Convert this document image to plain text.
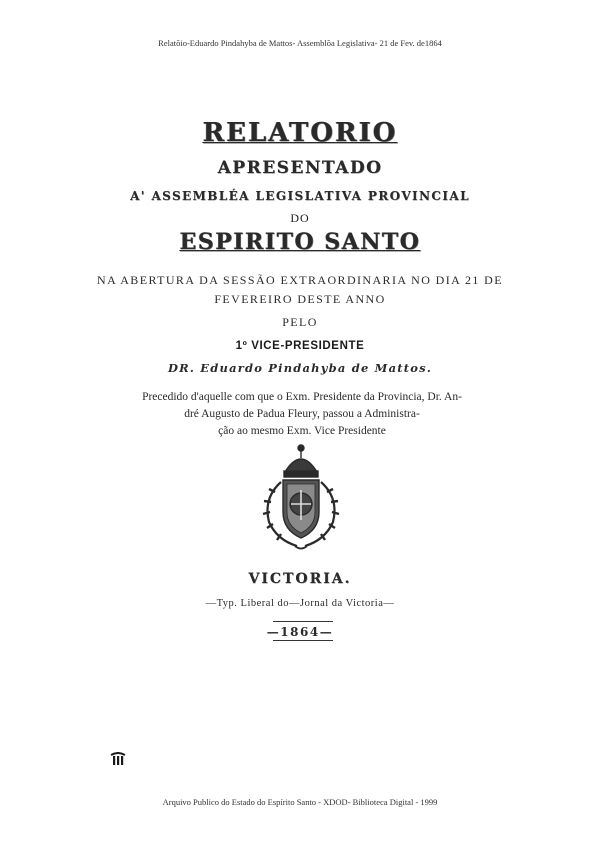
Relatõio-Eduardo Pindahyba de Mattos- Assemblõa Legislativa- 21 de Fev. de1864
RELATORIO
APRESENTADO
A' ASSEMBLÉA LEGISLATIVA PROVINCIAL
DO
ESPIRITO SANTO
NA ABERTURA DA SESSÃO EXTRAORDINARIA NO DIA 21 DE
FEVEREIRO DESTE ANNO
PELO
1º VICE-PRESIDENTE
DR. Eduardo Pindahyba de Mattos.
Precedido d'aquelle com que o Exm. Presidente da Provincia, Dr. An-
dré Augusto de Padua Fleury, passou a Administra-
ção ao mesmo Exm. Vice Presidente
VICTORIA.
—Typ. Liberal do—Jornal da Victoria—
—1864—
Arquivo Publico do Estado do Espírito Santo - XDOD- Biblioteca Digital - 1999
